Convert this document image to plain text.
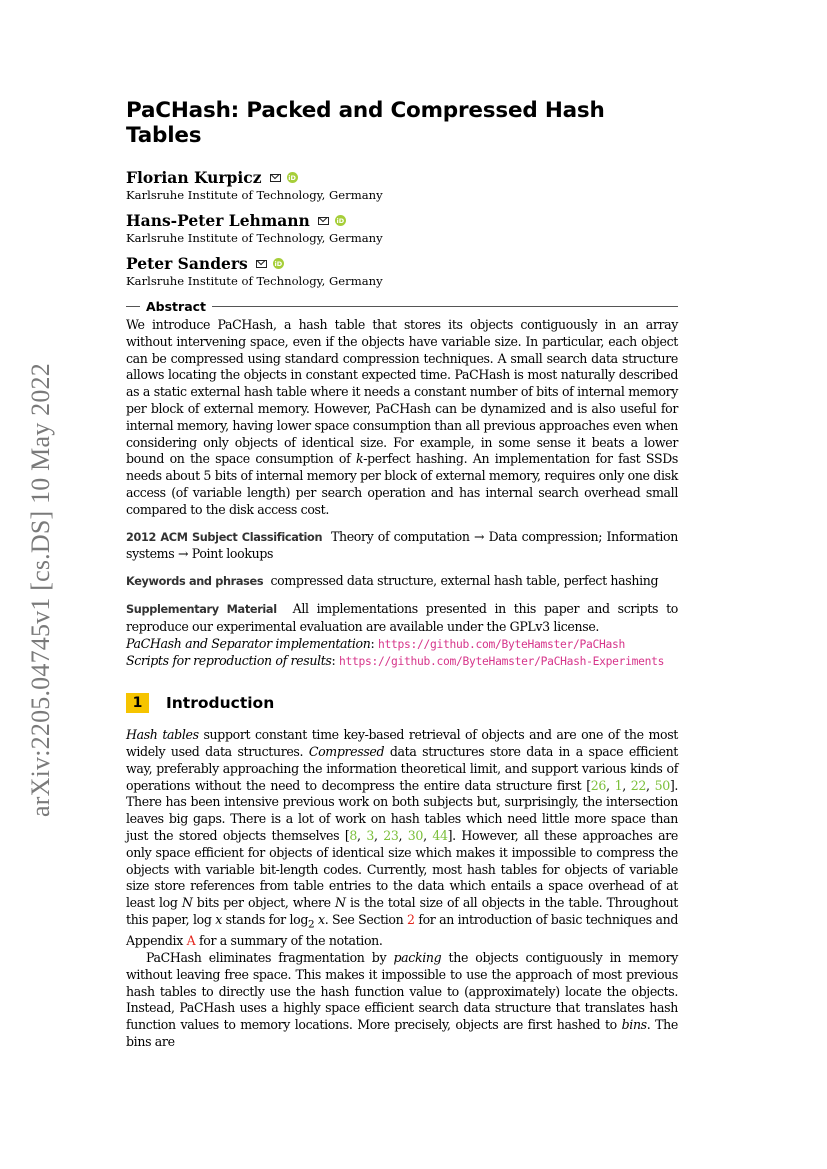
arXiv:2205.04745v1 [cs.DS] 10 May 2022
PaCHash: Packed and Compressed Hash Tables
Florian Kurpicz	iD
Karlsruhe Institute of Technology, Germany
Hans-Peter Lehmann	iD
Karlsruhe Institute of Technology, Germany
Peter Sanders	iD
Karlsruhe Institute of Technology, Germany
Abstract

We introduce PaCHash, a hash table that stores its objects contiguously in an array without intervening space, even if the objects have variable size. In particular, each object can be compressed using standard compression techniques. A small search data structure allows locating the objects in constant expected time. PaCHash is most naturally described as a static external hash table where it needs a constant number of bits of internal memory per block of external memory. However, PaCHash can be dynamized and is also useful for internal memory, having lower space consumption than all previous approaches even when considering only objects of identical size. For example, in some sense it beats a lower bound on the space consumption of k-perfect hashing. An implementation for fast SSDs needs about 5 bits of internal memory per block of external memory, requires only one disk access (of variable length) per search operation and has internal search overhead small compared to the disk access cost.

2012 ACM Subject Classification Theory of computation → Data compression; Information systems → Point lookups

Keywords and phrases compressed data structure, external hash table, perfect hashing

Supplementary Material All implementations presented in this paper and scripts to reproduce our experimental evaluation are available under the GPLv3 license.
PaCHash and Separator implementation: https://github.com/ByteHamster/PaCHash
Scripts for reproduction of results: https://github.com/ByteHamster/PaCHash-Experiments

1	Introduction

Hash tables support constant time key-based retrieval of objects and are one of the most widely used data structures. Compressed data structures store data in a space efficient way, preferably approaching the information theoretical limit, and support various kinds of operations without the need to decompress the entire data structure first [26, 1, 22, 50]. There has been intensive previous work on both subjects but, surprisingly, the intersection leaves big gaps. There is a lot of work on hash tables which need little more space than just the stored objects themselves [8, 3, 23, 30, 44]. However, all these approaches are only space efficient for objects of identical size which makes it impossible to compress the objects with variable bit-length codes. Currently, most hash tables for objects of variable size store references from table entries to the data which entails a space overhead of at least log N bits per object, where N is the total size of all objects in the table. Throughout this paper, log x stands for $\log_2 x$. See Section 2 for an introduction of basic techniques and Appendix A for a summary of the notation.

PaCHash eliminates fragmentation by packing the objects contiguously in memory without leaving free space. This makes it impossible to use the approach of most previous hash tables to directly use the hash function value to (approximately) locate the objects. Instead, PaCHash uses a highly space efficient search data structure that translates hash function values to memory locations. More precisely, objects are first hashed to bins. The bins are
